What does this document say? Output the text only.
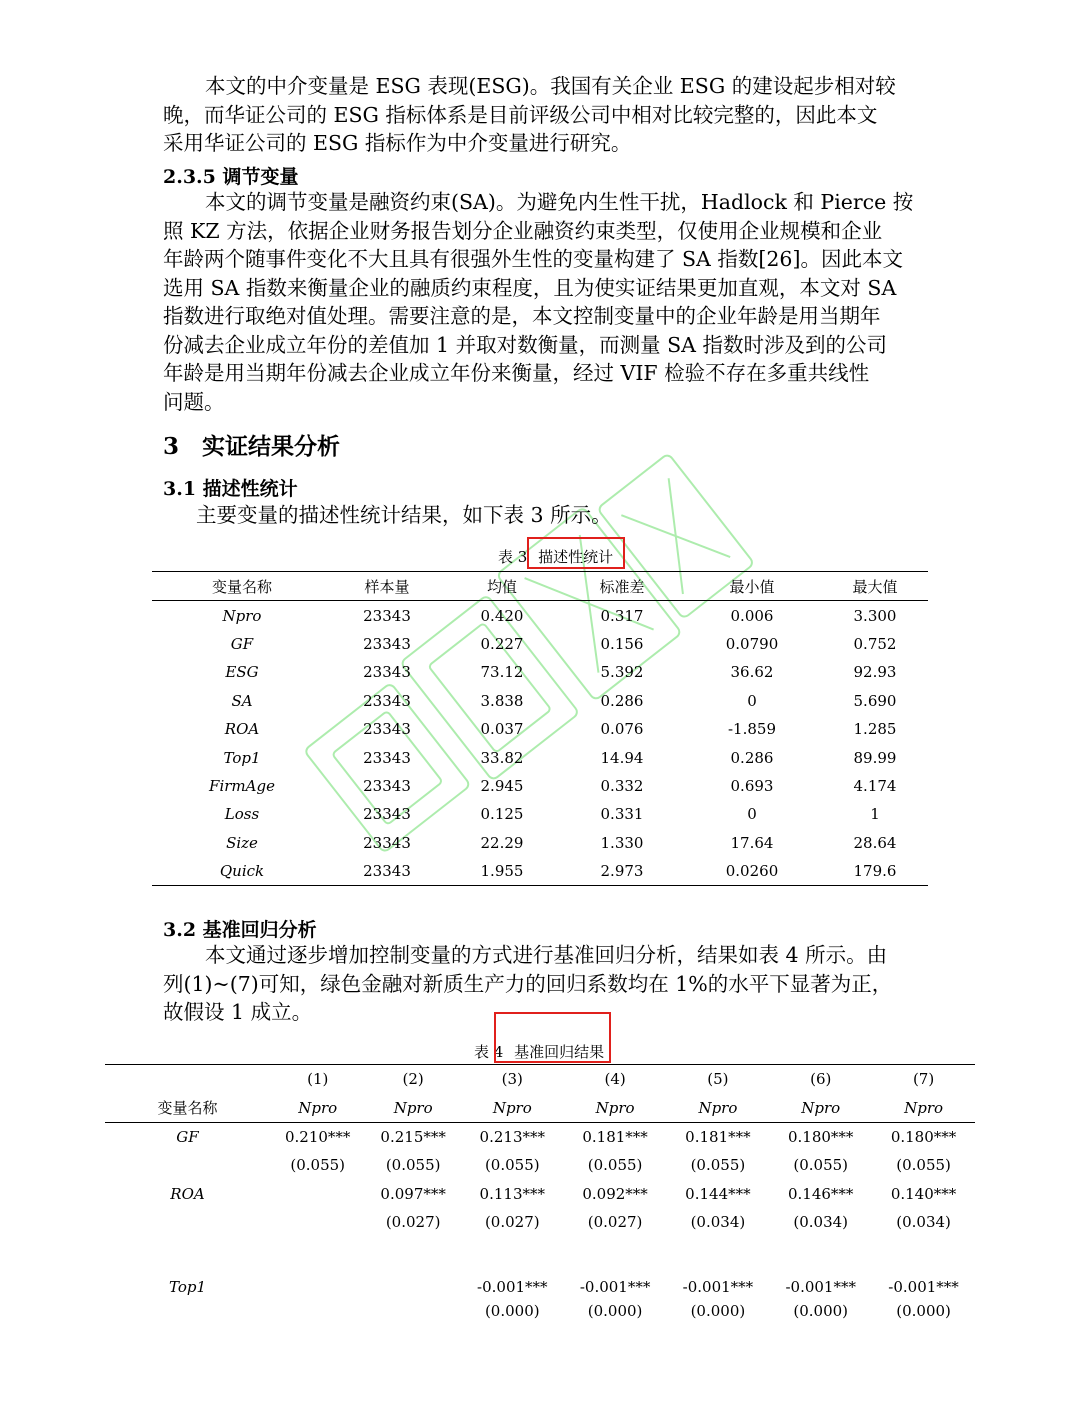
本文的中介变量是 ESG 表现(ESG)。我国有关企业 ESG 的建设起步相对较
晚，而华证公司的 ESG 指标体系是目前评级公司中相对比较完整的，因此本文
采用华证公司的 ESG 指标作为中介变量进行研究。
2.3.5 调节变量
本文的调节变量是融资约束(SA)。为避免内生性干扰，Hadlock 和 Pierce 按
照 KZ 方法，依据企业财务报告划分企业融资约束类型，仅使用企业规模和企业
年龄两个随事件变化不大且具有很强外生性的变量构建了 SA 指数[26]。因此本文
选用 SA 指数来衡量企业的融质约束程度，且为使实证结果更加直观，本文对 SA
指数进行取绝对值处理。需要注意的是，本文控制变量中的企业年龄是用当期年
份减去企业成立年份的差值加 1 并取对数衡量，而测量 SA 指数时涉及到的公司
年龄是用当期年份减去企业成立年份来衡量，经过 VIF 检验不存在多重共线性
问题。
3　实证结果分析
3.1 描述性统计
主要变量的描述性统计结果，如下表 3 所示。
表 3 描述性统计
变量名称	样本量	均值	标准差	最小值	最大值
Npro	23343	0.420	0.317	0.006	3.300
GF	23343	0.227	0.156	0.0790	0.752
ESG	23343	73.12	5.392	36.62	92.93
SA	23343	3.838	0.286	0	5.690
ROA	23343	0.037	0.076	-1.859	1.285
Top1	23343	33.82	14.94	0.286	89.99
FirmAge	23343	2.945	0.332	0.693	4.174
Loss	23343	0.125	0.331	0	1
Size	23343	22.29	1.330	17.64	28.64
Quick	23343	1.955	2.973	0.0260	179.6
3.2 基准回归分析
本文通过逐步增加控制变量的方式进行基准回归分析，结果如表 4 所示。由
列(1)~(7)可知，绿色金融对新质生产力的回归系数均在 1%的水平下显著为正，
故假设 1 成立。
表 4 基准回归结果
	(1)	(2)	(3)	(4)	(5)	(6)	(7)
变量名称	Npro	Npro	Npro	Npro	Npro	Npro	Npro
GF	0.210***	0.215***	0.213***	0.181***	0.181***	0.180***	0.180***
	(0.055)	(0.055)	(0.055)	(0.055)	(0.055)	(0.055)	(0.055)
ROA		0.097***	0.113***	0.092***	0.144***	0.146***	0.140***
		(0.027)	(0.027)	(0.027)	(0.034)	(0.034)	(0.034)
Top1			-0.001***	-0.001***	-0.001***	-0.001***	-0.001***
			(0.000)	(0.000)	(0.000)	(0.000)	(0.000)
